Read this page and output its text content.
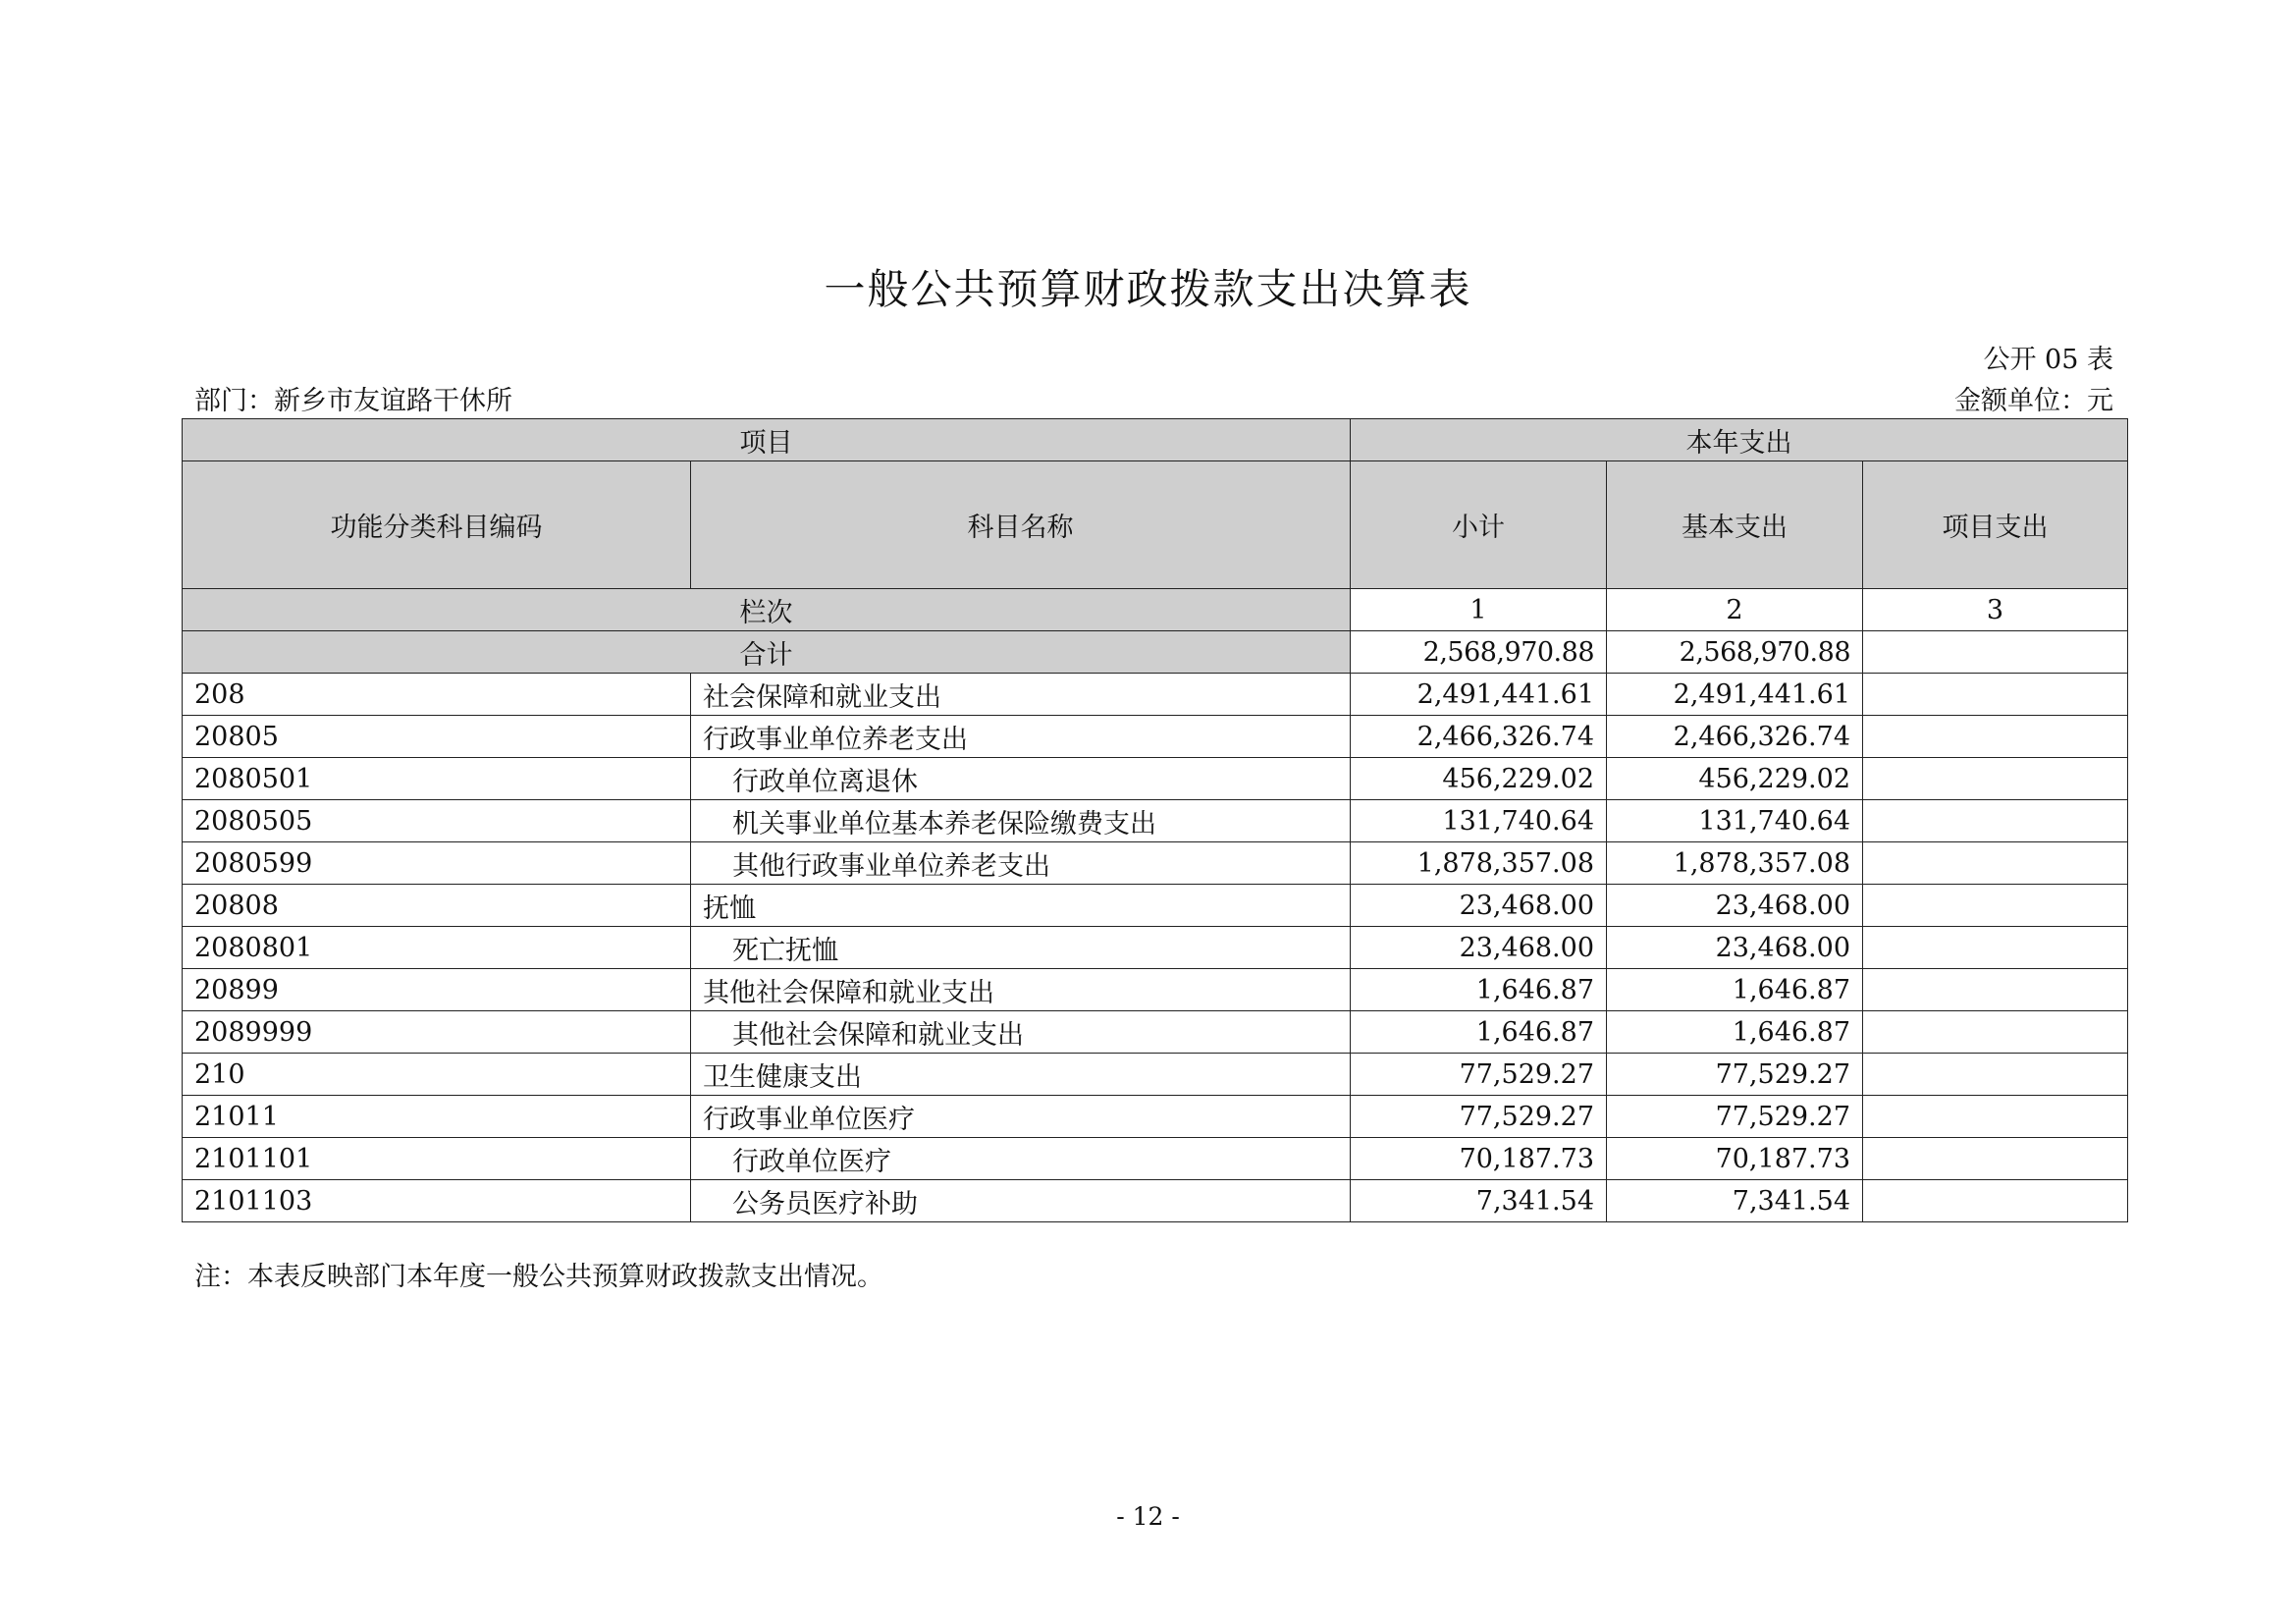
一般公共预算财政拨款支出决算表
公开 05 表
部门：新乡市友谊路干休所	金额单位：元
项目		本年支出		
功能分类科目编码	科目名称	小计	基本支出	项目支出
栏次		1	2	3
合计		2,568,970.88	2,568,970.88	
208	社会保障和就业支出	2,491,441.61	2,491,441.61	
20805	行政事业单位养老支出	2,466,326.74	2,466,326.74	
2080501	行政单位离退休	456,229.02	456,229.02	
2080505	机关事业单位基本养老保险缴费支出	131,740.64	131,740.64	
2080599	其他行政事业单位养老支出	1,878,357.08	1,878,357.08	
20808	抚恤	23,468.00	23,468.00	
2080801	死亡抚恤	23,468.00	23,468.00	
20899	其他社会保障和就业支出	1,646.87	1,646.87	
2089999	其他社会保障和就业支出	1,646.87	1,646.87	
210	卫生健康支出	77,529.27	77,529.27	
21011	行政事业单位医疗	77,529.27	77,529.27	
2101101	行政单位医疗	70,187.73	70,187.73	
2101103	公务员医疗补助	7,341.54	7,341.54	
注：本表反映部门本年度一般公共预算财政拨款支出情况。
- 12 -
